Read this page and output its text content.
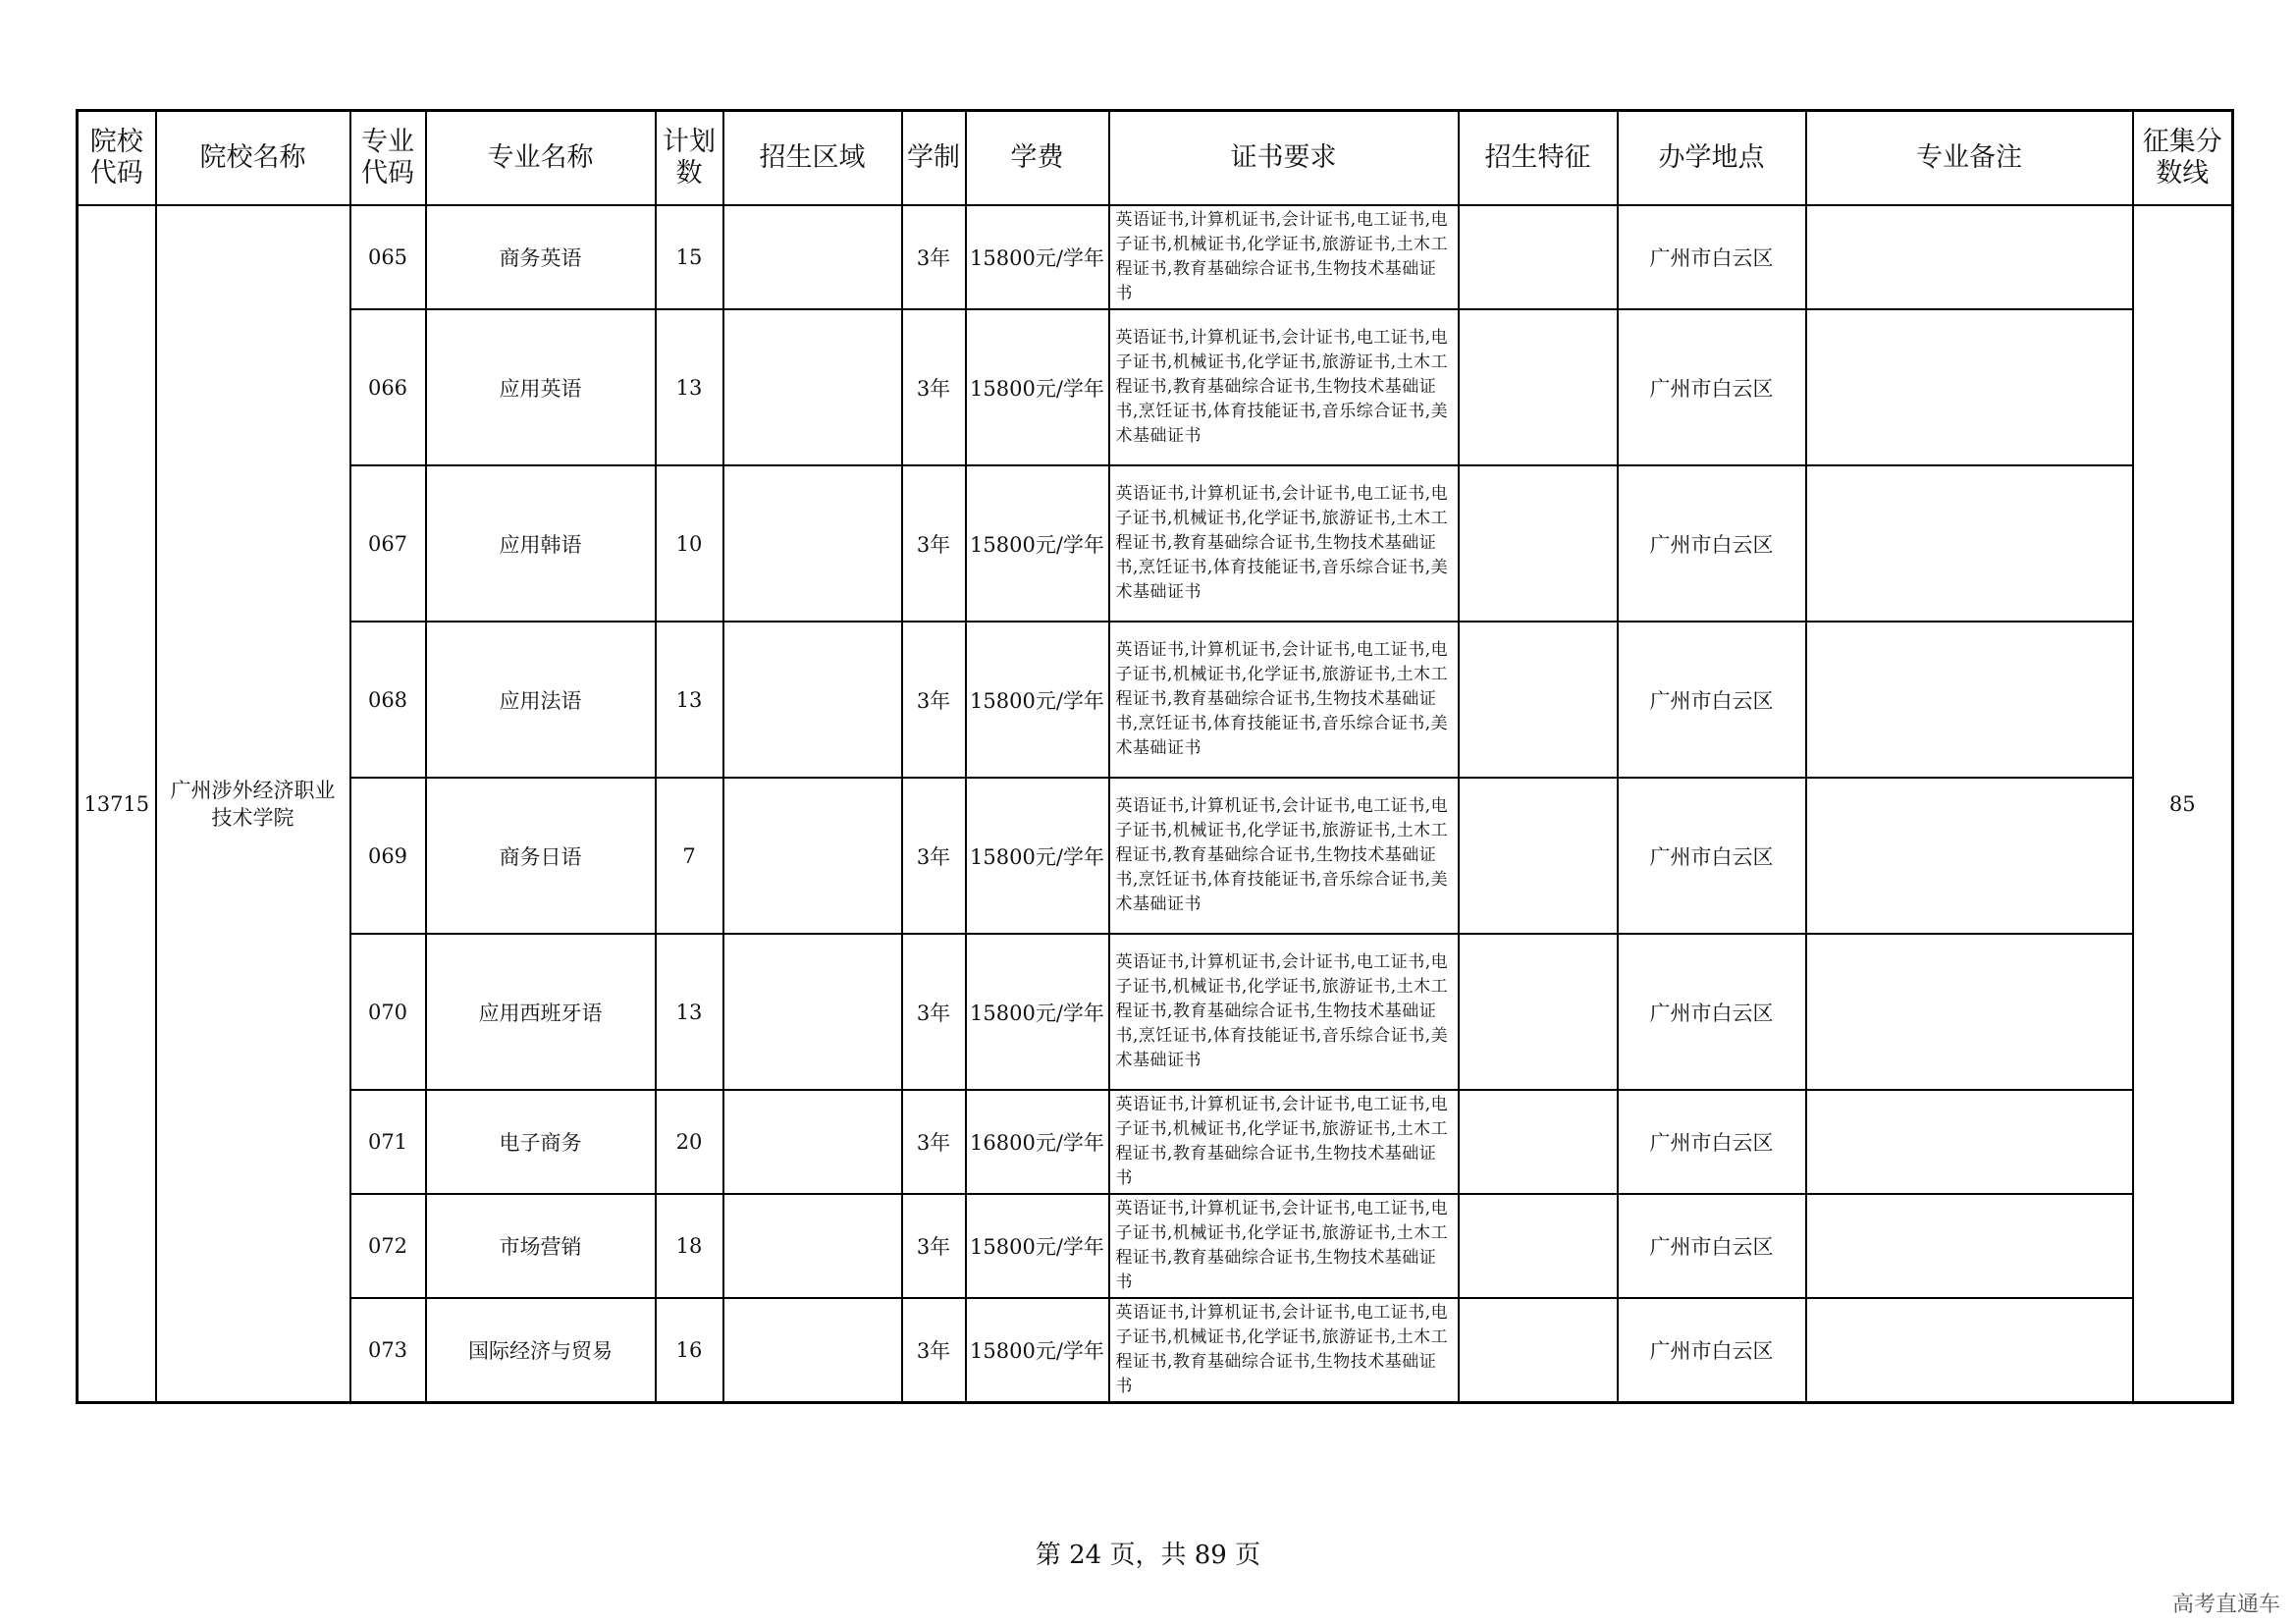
院校代码	院校名称	专业代码	专业名称	计划数	招生区域	学制	学费	证书要求	招生特征	办学地点	专业备注	征集分数线
13715	广州涉外经济职业技术学院	065	商务英语	15		3年	15800元/学年	英语证书,计算机证书,会计证书,电工证书,电子证书,机械证书,化学证书,旅游证书,土木工程证书,教育基础综合证书,生物技术基础证书		广州市白云区		85
		066	应用英语	13		3年	15800元/学年	英语证书,计算机证书,会计证书,电工证书,电子证书,机械证书,化学证书,旅游证书,土木工程证书,教育基础综合证书,生物技术基础证书,烹饪证书,体育技能证书,音乐综合证书,美术基础证书		广州市白云区		
		067	应用韩语	10		3年	15800元/学年	英语证书,计算机证书,会计证书,电工证书,电子证书,机械证书,化学证书,旅游证书,土木工程证书,教育基础综合证书,生物技术基础证书,烹饪证书,体育技能证书,音乐综合证书,美术基础证书		广州市白云区		
		068	应用法语	13		3年	15800元/学年	英语证书,计算机证书,会计证书,电工证书,电子证书,机械证书,化学证书,旅游证书,土木工程证书,教育基础综合证书,生物技术基础证书,烹饪证书,体育技能证书,音乐综合证书,美术基础证书		广州市白云区		
		069	商务日语	7		3年	15800元/学年	英语证书,计算机证书,会计证书,电工证书,电子证书,机械证书,化学证书,旅游证书,土木工程证书,教育基础综合证书,生物技术基础证书,烹饪证书,体育技能证书,音乐综合证书,美术基础证书		广州市白云区		
		070	应用西班牙语	13		3年	15800元/学年	英语证书,计算机证书,会计证书,电工证书,电子证书,机械证书,化学证书,旅游证书,土木工程证书,教育基础综合证书,生物技术基础证书,烹饪证书,体育技能证书,音乐综合证书,美术基础证书		广州市白云区		
		071	电子商务	20		3年	16800元/学年	英语证书,计算机证书,会计证书,电工证书,电子证书,机械证书,化学证书,旅游证书,土木工程证书,教育基础综合证书,生物技术基础证书		广州市白云区		
		072	市场营销	18		3年	15800元/学年	英语证书,计算机证书,会计证书,电工证书,电子证书,机械证书,化学证书,旅游证书,土木工程证书,教育基础综合证书,生物技术基础证书		广州市白云区		
		073	国际经济与贸易	16		3年	15800元/学年	英语证书,计算机证书,会计证书,电工证书,电子证书,机械证书,化学证书,旅游证书,土木工程证书,教育基础综合证书,生物技术基础证书		广州市白云区		
第 24 页，共 89 页
高考直通车
